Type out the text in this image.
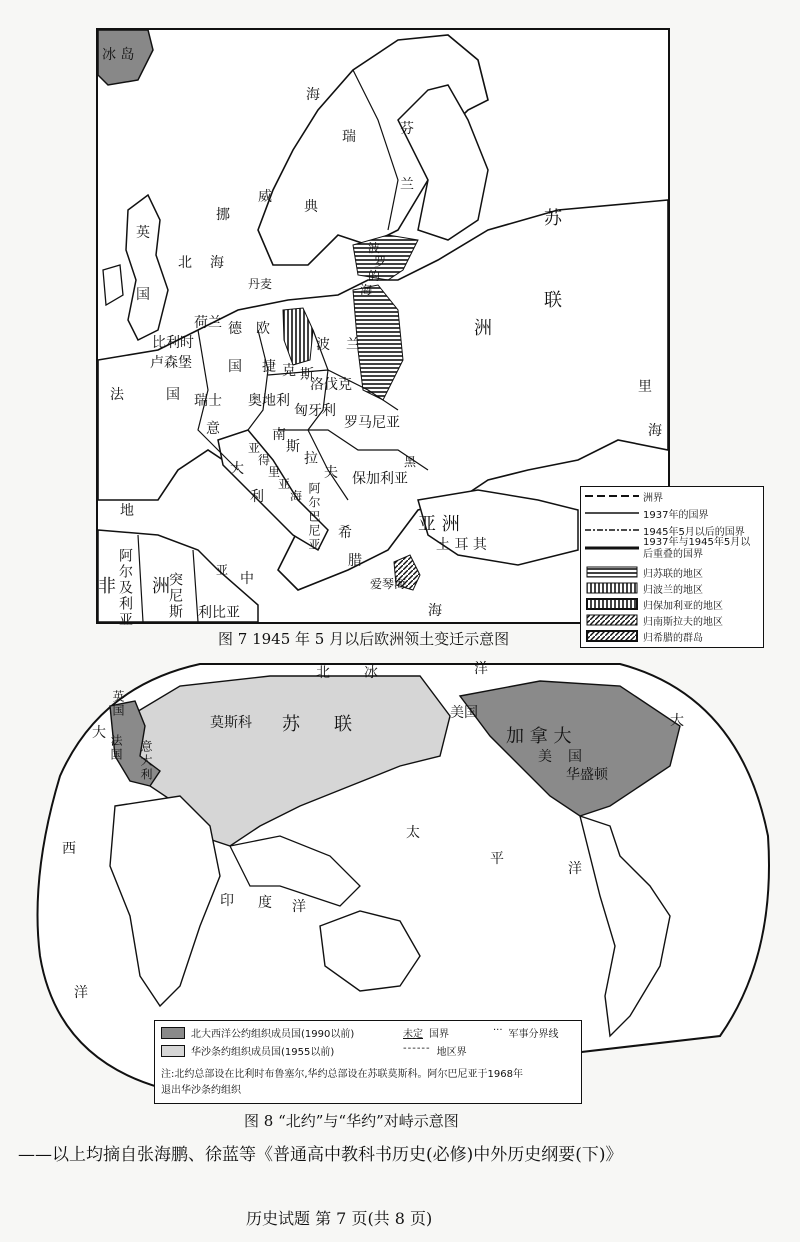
冰 岛
海
瑞
典
芬
兰
威
挪
英
国
北 海
波
罗
的
海
丹麦
苏
联
洲
荷兰 德 欧
波 兰
比利时
卢森堡	国 捷 克 斯
洛伐克
法	国 瑞士 奥地利
匈牙利
罗马尼亚
意
大
利
南
斯
拉
夫 保加利亚
阿尔巴尼亚 希
腊
土 耳 其
亚 洲
黑
亚
得
里
亚
海
地
中
海
阿尔及利亚
非 洲
突尼斯 利比亚
爱琴海
里
海
亚
洲界
1937年的国界
1945年5月以后的国界
1937年与1945年5月以后重叠的国界
归苏联的地区
归波兰的地区
归保加利亚的地区
归南斯拉夫的地区
归希腊的群岛
图 7 1945 年 5 月以后欧洲领土变迁示意图
北 冰	洋
莫斯科 苏 联
美国
加 拿 大
美 国
华盛顿
英国
法国 意大利
大
西
洋
大
太
平
洋
印 度 洋
北大西洋公约组织成员国(1990以前)
华沙条约组织成员国(1955以前)
未定 国界
------ 地区界
··· 军事分界线
注:北约总部设在比利时布鲁塞尔,华约总部设在苏联莫斯科。阿尔巴尼亚于1968年
退出华沙条约组织
图 8 “北约”与“华约”对峙示意图
——以上均摘自张海鹏、徐蓝等《普通高中教科书历史(必修)中外历史纲要(下)》
历史试题 第 7 页(共 8 页)
